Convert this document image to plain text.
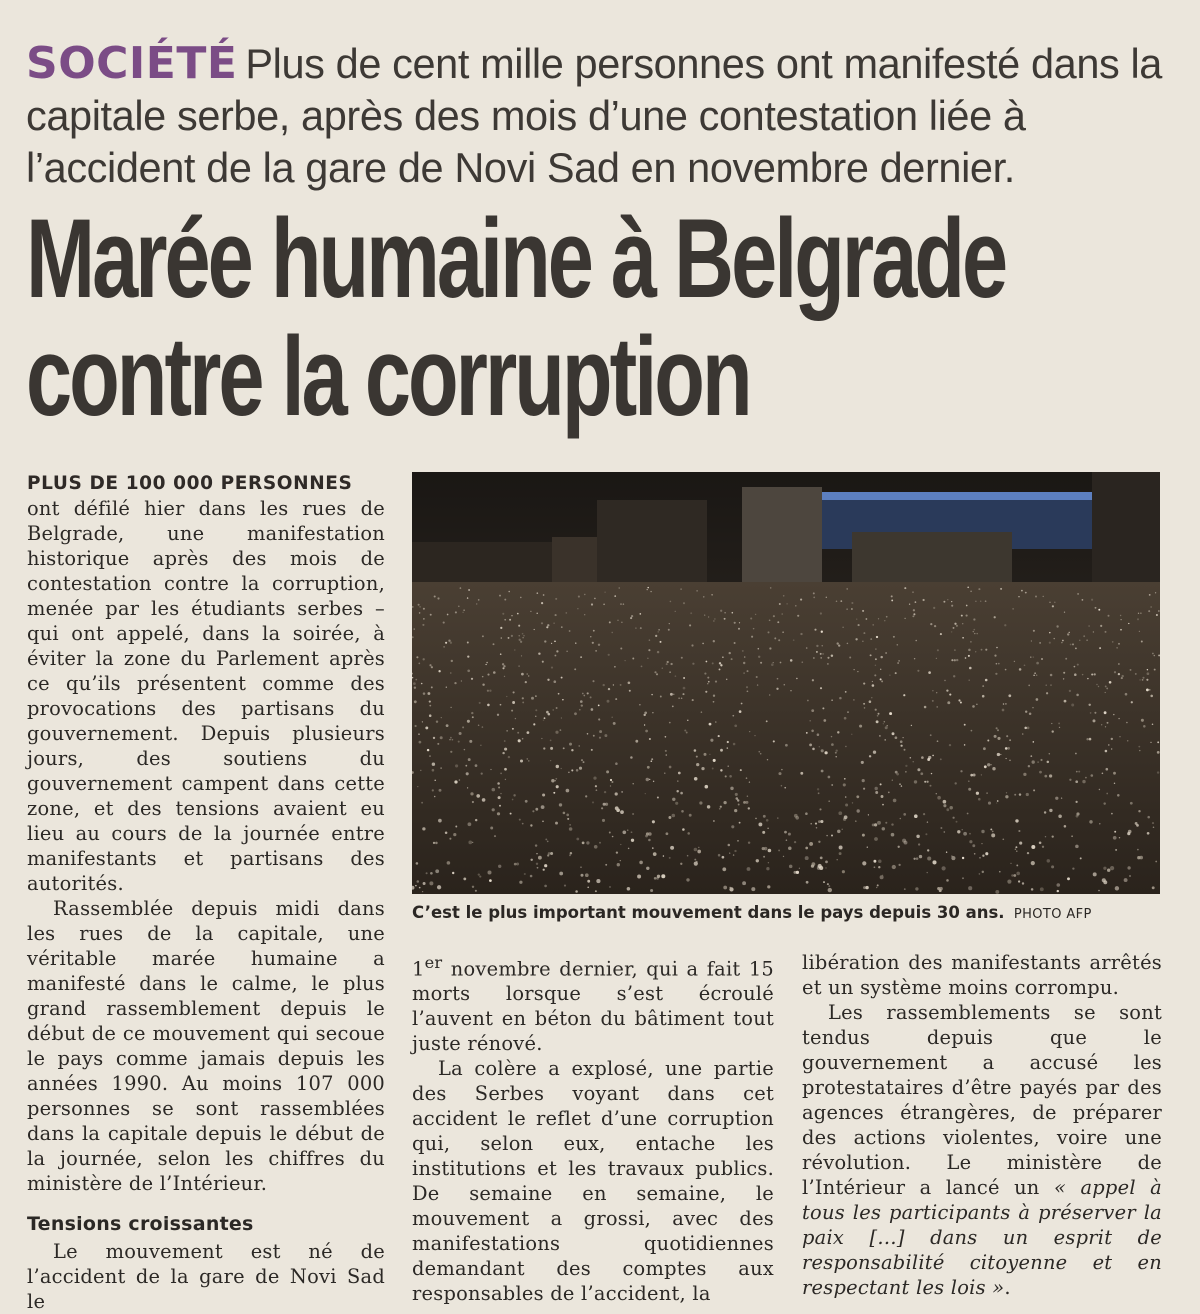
SOCIÉTÉ Plus de cent mille personnes ont manifesté dans la capitale serbe, après des mois d’une contestation liée à l’accident de la gare de Novi Sad en novembre dernier.
Marée humaine à Belgrade
contre la corruption

PLUS DE 100 000 PERSONNES
ont défilé hier dans les rues de Belgrade, une manifestation historique après des mois de contestation contre la corruption, menée par les étudiants serbes – qui ont appelé, dans la soirée, à éviter la zone du Parlement après ce qu’ils présentent comme des provocations des partisans du gouvernement. Depuis plusieurs jours, des soutiens du gouvernement campent dans cette zone, et des tensions avaient eu lieu au cours de la journée entre manifestants et partisans des autorités.

Rassemblée depuis midi dans les rues de la capitale, une véritable marée humaine a manifesté dans le calme, le plus grand rassemblement depuis le début de ce mouvement qui secoue le pays comme jamais depuis les années 1990. Au moins 107 000 personnes se sont rassemblées dans la capitale depuis le début de la journée, selon les chiffres du ministère de l’Intérieur.

Tensions croissantes

Le mouvement est né de l’accident de la gare de Novi Sad le

C’est le plus important mouvement dans le pays depuis 30 ans. PHOTO AFP

1er novembre dernier, qui a fait 15 morts lorsque s’est écroulé l’auvent en béton du bâtiment tout juste rénové.

La colère a explosé, une partie des Serbes voyant dans cet accident le reflet d’une corruption qui, selon eux, entache les institutions et les travaux publics. De semaine en semaine, le mouvement a grossi, avec des manifestations quotidiennes demandant des comptes aux responsables de l’accident, la

libération des manifestants arrêtés et un système moins corrompu.

Les rassemblements se sont tendus depuis que le gouvernement a accusé les protestataires d’être payés par des agences étrangères, de préparer des actions violentes, voire une révolution. Le ministère de l’Intérieur a lancé un « appel à tous les participants à préserver la paix […] dans un esprit de responsabilité citoyenne et en respectant les lois ».
